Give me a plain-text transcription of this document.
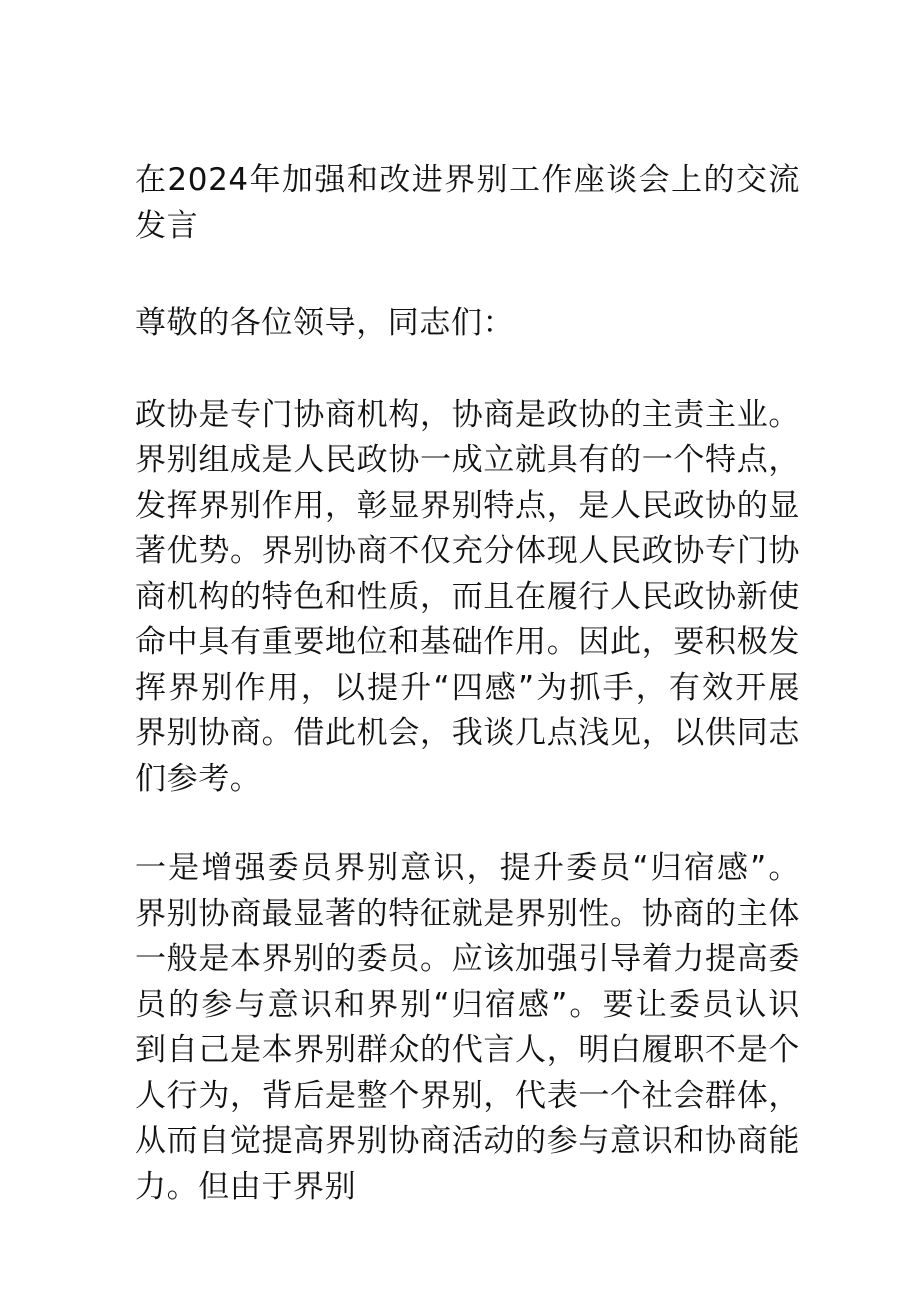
在2024年加强和改进界别工作座谈会上的交流发言

尊敬的各位领导，同志们：

政协是专门协商机构，协商是政协的主责主业。界别组成是人民政协一成立就具有的一个特点，发挥界别作用，彰显界别特点，是人民政协的显著优势。界别协商不仅充分体现人民政协专门协商机构的特色和性质，而且在履行人民政协新使命中具有重要地位和基础作用。因此，要积极发挥界别作用，以提升“四感”为抓手，有效开展界别协商。借此机会，我谈几点浅见，以供同志们参考。

一是增强委员界别意识，提升委员“归宿感”。界别协商最显著的特征就是界别性。协商的主体一般是本界别的委员。应该加强引导着力提高委员的参与意识和界别“归宿感”。要让委员认识到自己是本界别群众的代言人，明白履职不是个人行为，背后是整个界别，代表一个社会群体，从而自觉提高界别协商活动的参与意识和协商能力。但由于界别
